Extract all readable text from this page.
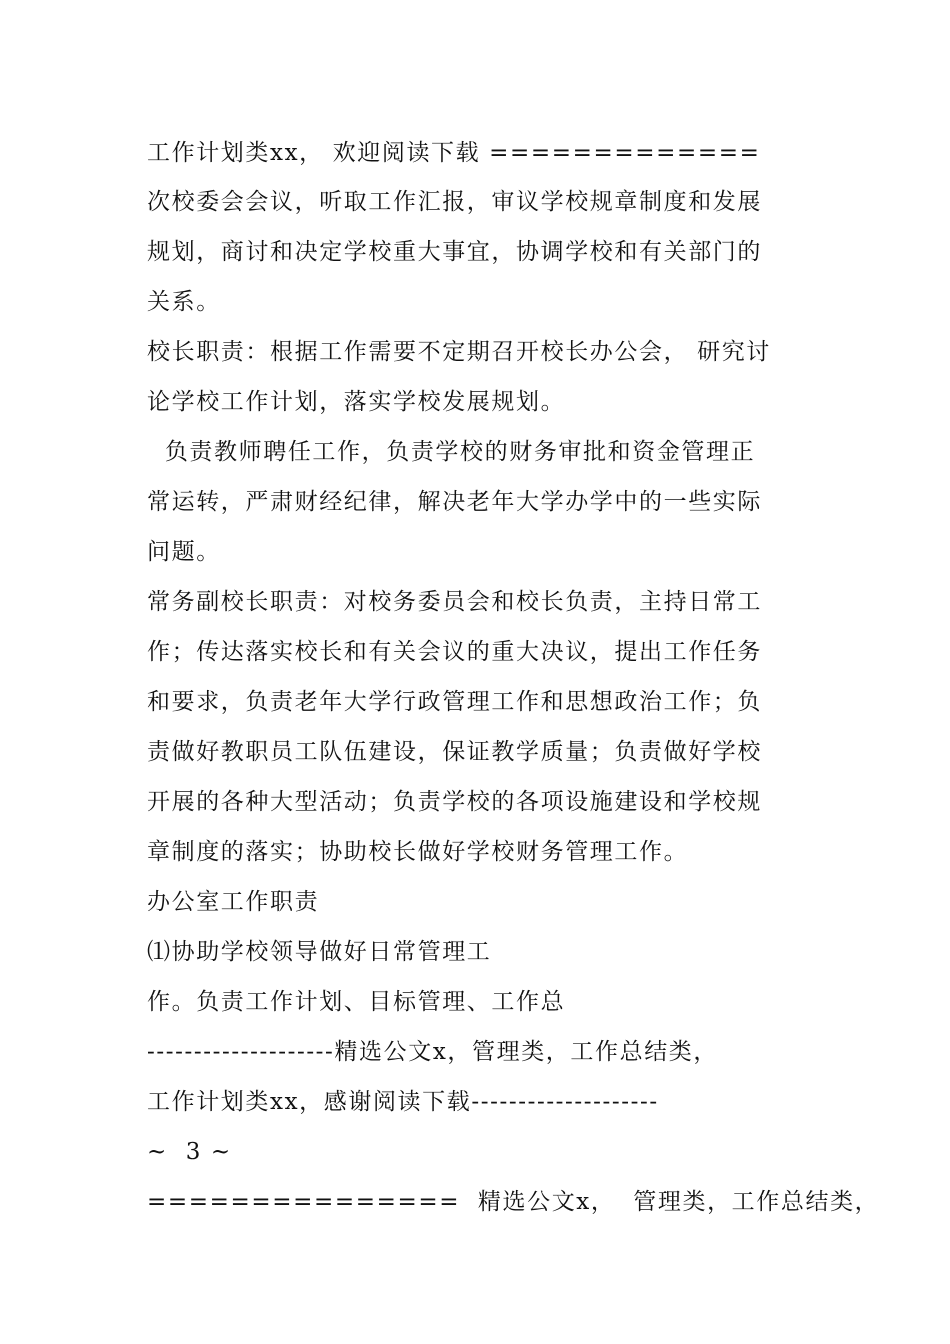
工作计划类xx， 欢迎阅读下载 =============
次校委会会议，听取工作汇报，审议学校规章制度和发展
规划，商讨和决定学校重大事宜，协调学校和有关部门的
关系。
校长职责：根据工作需要不定期召开校长办公会， 研究讨
论学校工作计划，落实学校发展规划。
负责教师聘任工作，负责学校的财务审批和资金管理正
常运转，严肃财经纪律，解决老年大学办学中的一些实际
问题。
常务副校长职责：对校务委员会和校长负责，主持日常工
作；传达落实校长和有关会议的重大决议，提出工作任务
和要求，负责老年大学行政管理工作和思想政治工作；负
责做好教职员工队伍建设，保证教学质量；负责做好学校
开展的各种大型活动；负责学校的各项设施建设和学校规
章制度的落实；协助校长做好学校财务管理工作。
办公室工作职责
⑴协助学校领导做好日常管理工
作。负责工作计划、目标管理、工作总
--------------------精选公文x，管理类，工作总结类，
工作计划类xx，感谢阅读下载--------------------
~  3 ~
===============  精选公文x，  管理类，工作总结类，
